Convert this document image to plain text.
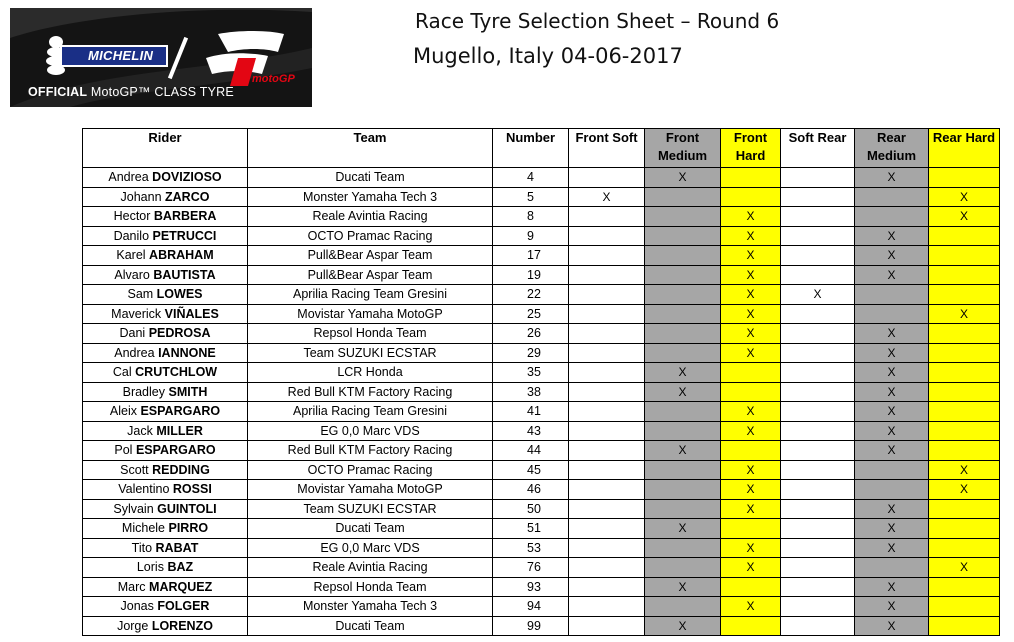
MICHELIN
motoGP
OFFICIAL MotoGP™ CLASS TYRE
Race Tyre Selection Sheet – Round 6
Mugello, Italy 04-06-2017
Rider	Team	Number	Front Soft	Front Medium	Front Hard	Soft Rear	Rear Medium	Rear Hard
Andrea DOVIZIOSO	Ducati Team	4		X			X	
Johann ZARCO	Monster Yamaha Tech 3	5	X					X
Hector BARBERA	Reale Avintia Racing	8			X			X
Danilo PETRUCCI	OCTO Pramac Racing	9			X		X	
Karel ABRAHAM	Pull&Bear Aspar Team	17			X		X	
Alvaro BAUTISTA	Pull&Bear Aspar Team	19			X		X	
Sam LOWES	Aprilia Racing Team Gresini	22			X	X		
Maverick VIÑALES	Movistar Yamaha MotoGP	25			X			X
Dani PEDROSA	Repsol Honda Team	26			X		X	
Andrea IANNONE	Team SUZUKI ECSTAR	29			X		X	
Cal CRUTCHLOW	LCR Honda	35		X			X	
Bradley SMITH	Red Bull KTM Factory Racing	38		X			X	
Aleix ESPARGARO	Aprilia Racing Team Gresini	41			X		X	
Jack MILLER	EG 0,0 Marc VDS	43			X		X	
Pol ESPARGARO	Red Bull KTM Factory Racing	44		X			X	
Scott REDDING	OCTO Pramac Racing	45			X			X
Valentino ROSSI	Movistar Yamaha MotoGP	46			X			X
Sylvain GUINTOLI	Team SUZUKI ECSTAR	50			X		X	
Michele PIRRO	Ducati Team	51		X			X	
Tito RABAT	EG 0,0 Marc VDS	53			X		X	
Loris BAZ	Reale Avintia Racing	76			X			X
Marc MARQUEZ	Repsol Honda Team	93		X			X	
Jonas FOLGER	Monster Yamaha Tech 3	94			X		X	
Jorge LORENZO	Ducati Team	99		X			X	
